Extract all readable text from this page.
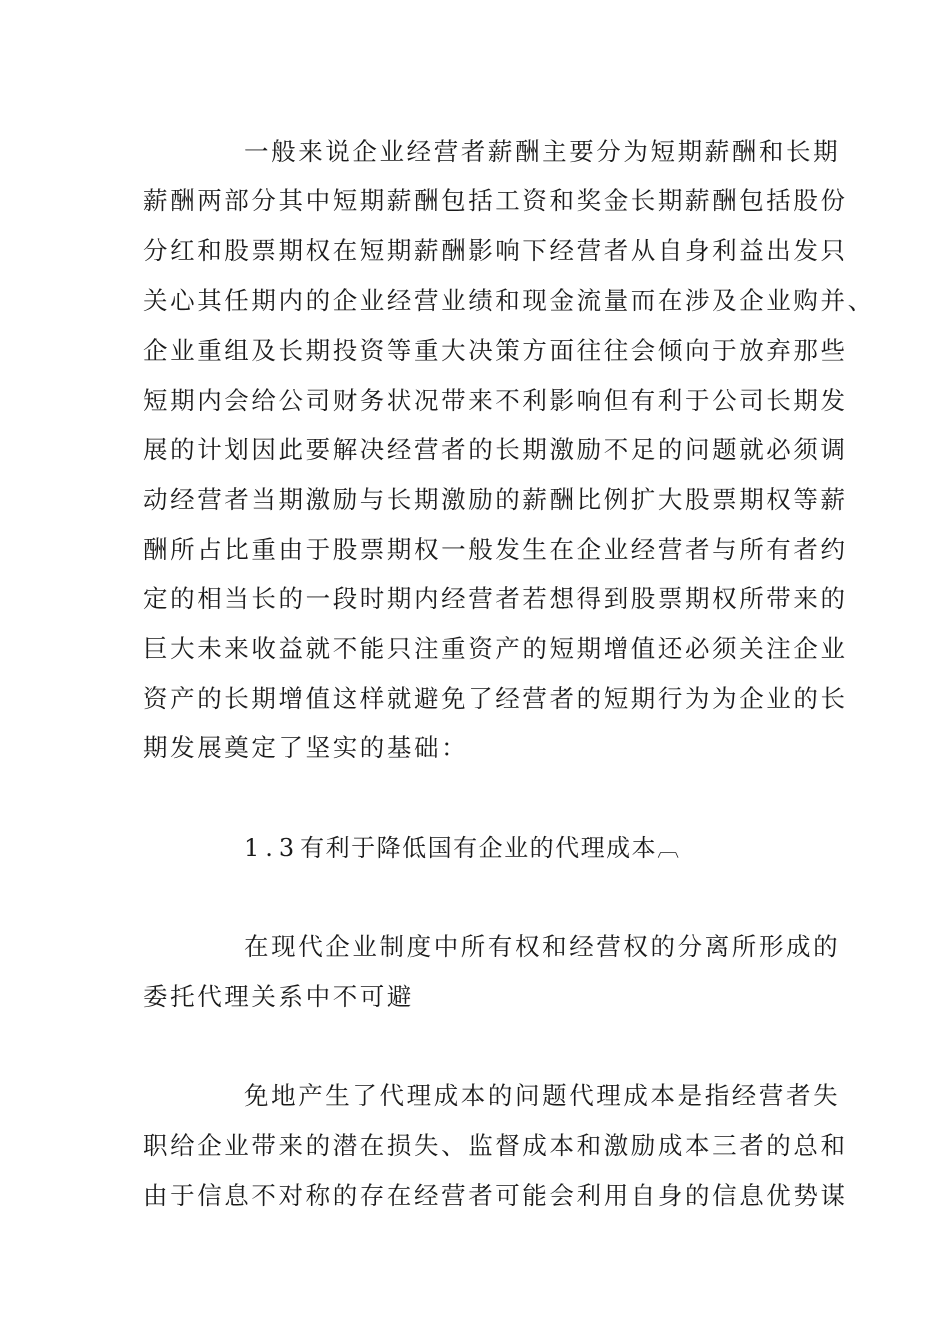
一般来说企业经营者薪酬主要分为短期薪酬和长期
薪酬两部分其中短期薪酬包括工资和奖金长期薪酬包括股份
分红和股票期权在短期薪酬影响下经营者从自身利益出发只
关心其任期内的企业经营业绩和现金流量而在涉及企业购并、
企业重组及长期投资等重大决策方面往往会倾向于放弃那些
短期内会给公司财务状况带来不利影响但有利于公司长期发
展的计划因此要解决经营者的长期激励不足的问题就必须调
动经营者当期激励与长期激励的薪酬比例扩大股票期权等薪
酬所占比重由于股票期权一般发生在企业经营者与所有者约
定的相当长的一段时期内经营者若想得到股票期权所带来的
巨大未来收益就不能只注重资产的短期增值还必须关注企业
资产的长期增值这样就避免了经营者的短期行为为企业的长
期发展奠定了坚实的基础：
1.3有利于降低国有企业的代理成本︹
在现代企业制度中所有权和经营权的分离所形成的
委托代理关系中不可避
免地产生了代理成本的问题代理成本是指经营者失
职给企业带来的潜在损失、监督成本和激励成本三者的总和
由于信息不对称的存在经营者可能会利用自身的信息优势谋
